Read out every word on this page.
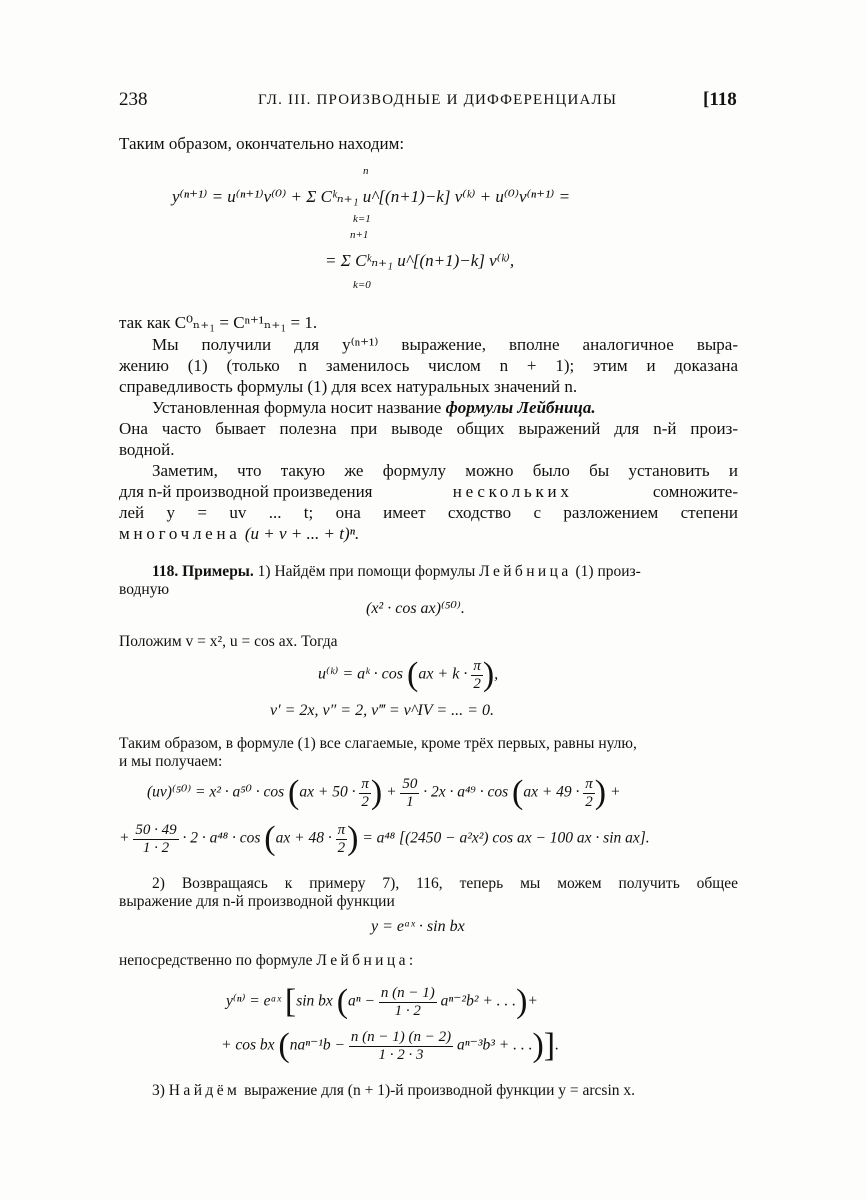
238	ГЛ. III. ПРОИЗВОДНЫЕ И ДИФФЕРЕНЦИАЛЫ	[118
Таким образом, окончательно находим:
y⁽ⁿ⁺¹⁾ = u⁽ⁿ⁺¹⁾v⁽⁰⁾ + Σ Cᵏₙ₊₁ u^[(n+1)−k] v⁽ᵏ⁾ + u⁽⁰⁾v⁽ⁿ⁺¹⁾ =
n
k=1
= Σ Cᵏₙ₊₁ u^[(n+1)−k] v⁽ᵏ⁾,
n+1
k=0
так как C⁰ₙ₊₁ = Cⁿ⁺¹ₙ₊₁ = 1.
Мы получили для y⁽ⁿ⁺¹⁾ выражение, вполне аналогичное выра-
жению (1) (только n заменилось числом n + 1); этим и доказана
справедливость формулы (1) для всех натуральных значений n.
Установленная формула носит название формулы Лейбница.
Она часто бывает полезна при выводе общих выражений для n-й произ-
водной.
Заметим, что такую же формулу можно было бы установить и
для n-й производной произведения	нескольких	сомножите-
лей y = uv ... t; она имеет сходство с разложением степени
многочлена (u + v + ... + t)ⁿ.
118. Примеры. 1) Найдём при помощи формулы Лейбница (1) произ-
водную
(x² · cos ax)⁽⁵⁰⁾.
Положим v = x², u = cos ax. Тогда
u⁽ᵏ⁾ = aᵏ · $\cos (ax + k \cdot \frac{\pi}{2}$ ),
v′ = 2x, v″ = 2, v‴ = v^IV = ... = 0.
Таким образом, в формуле (1) все слагаемые, кроме трёх первых, равны нулю,
и мы получаем:
$(uv)^{(50)} = x^2 \cdot a^{50} \cdot \cos (ax + 50 \cdot \frac{\pi}{2}$ ) + $\frac{50}{1} \cdot 2x \cdot a^{49} \cdot \cos (ax + 49 \cdot \frac{\pi}{2}$ ) +
+ $\frac{50 \cdot 49}{1 \cdot 2} \cdot 2 \cdot a^{48} \cdot \cos (ax + 48 \cdot \frac{\pi}{2}$ ) = a⁴⁸ [(2450 − a²x²) cos ax − 100 ax · sin ax].
2) Возвращаясь к примеру 7), 116, теперь мы можем получить общее
выражение для n-й производной функции
y = eᵃˣ · sin bx
непосредственно по формуле Лейбница:
y⁽ⁿ⁾ = eᵃˣ [sin bx ($a^n - \frac{n (n - 1)}{1 \cdot 2} a^{n-2}b^2$ + . . .)+
+ cos bx ($na^{n-1}b - \frac{n (n - 1) (n - 2)}{1 \cdot 2 \cdot 3} a^{n-3}b^3$ + . . .)].
3) Найдём выражение для (n + 1)-й производной функции y = arcsin x.
